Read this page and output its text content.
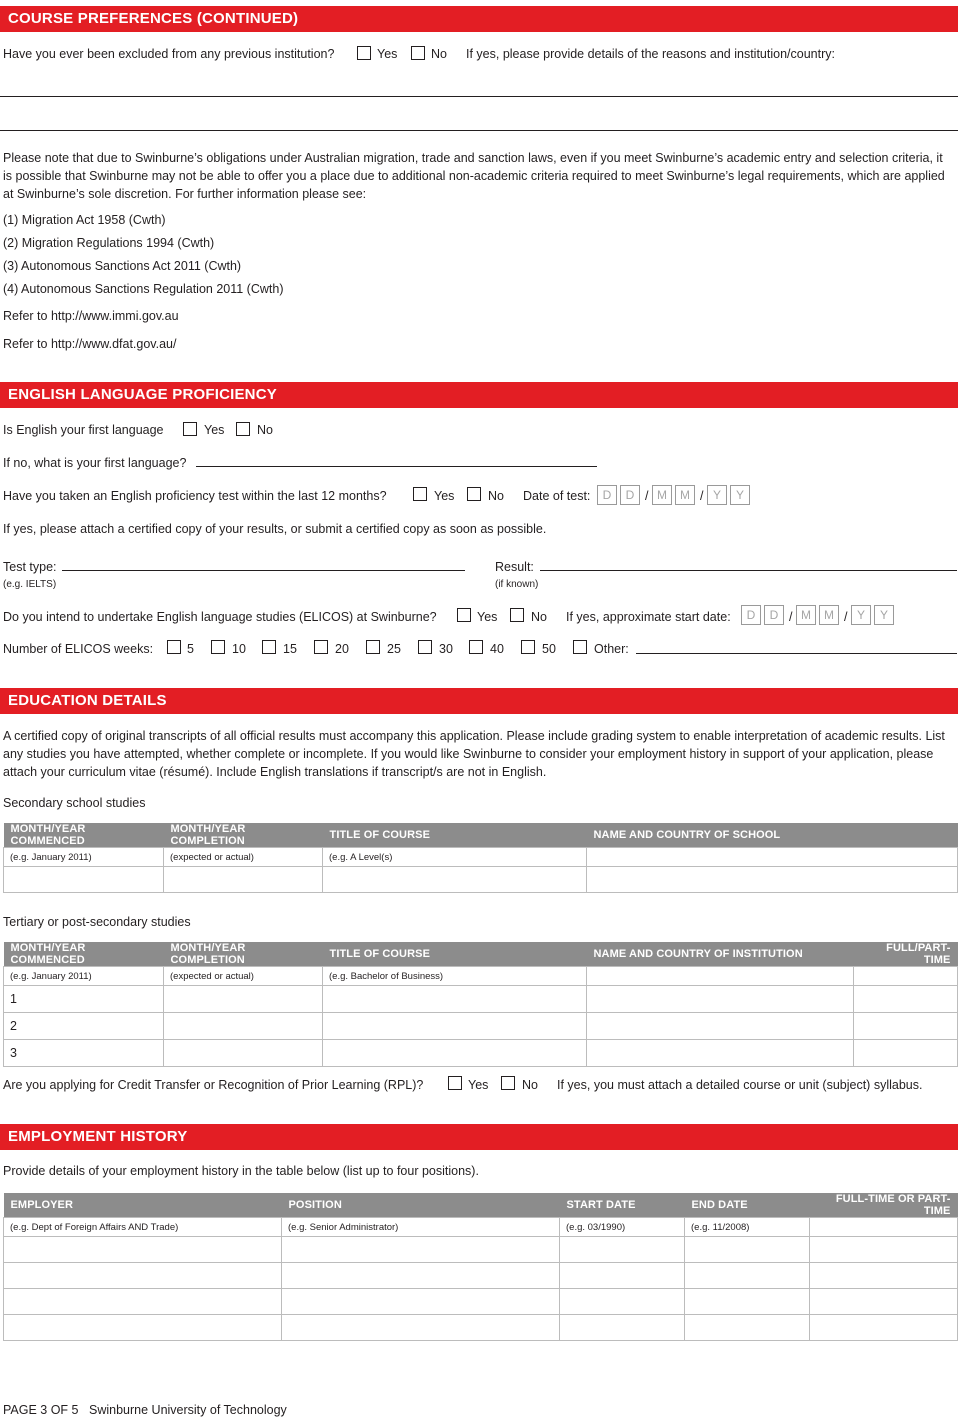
COURSE PREFERENCES (CONTINUED)
Have you ever been excluded from any previous institution?	Yes	No If yes, please provide details of the reasons and institution/country:
Please note that due to Swinburne’s obligations under Australian migration, trade and sanction laws, even if you meet Swinburne’s academic entry and selection criteria, it is possible that Swinburne may not be able to offer you a place due to additional non-academic criteria required to meet Swinburne’s legal requirements, which are applied at Swinburne’s sole discretion. For further information please see:
(1) Migration Act 1958 (Cwth)
(2) Migration Regulations 1994 (Cwth)
(3) Autonomous Sanctions Act 2011 (Cwth)
(4) Autonomous Sanctions Regulation 2011 (Cwth)
Refer to http://www.immi.gov.au
Refer to http://www.dfat.gov.au/
ENGLISH LANGUAGE PROFICIENCY
Is English your first language	Yes	No
If no, what is your first language?
Have you taken an English proficiency test within the last 12 months?	Yes	No Date of test:	D	D / M	M / Y	Y
If yes, please attach a certified copy of your results, or submit a certified copy as soon as possible.
Test type:
(e.g. IELTS)
Result:
(if known)
Do you intend to undertake English language studies (ELICOS) at Swinburne?	Yes	No If yes, approximate start date:	D	D / M	M / Y	Y
Number of ELICOS weeks:	5	10	15	20	25	30	40	50	Other:
EDUCATION DETAILS
A certified copy of original transcripts of all official results must accompany this application. Please include grading system to enable interpretation of academic results. List any studies you have attempted, whether complete or incomplete. If you would like Swinburne to consider your employment history in support of your application, please attach your curriculum vitae (résumé). Include English translations if transcript/s are not in English.
Secondary school studies
MONTH/YEAR COMMENCED	MONTH/YEAR COMPLETION	TITLE OF COURSE	NAME AND COUNTRY OF SCHOOL
(e.g. January 2011)	(expected or actual)	(e.g. A Level(s)	

Tertiary or post-secondary studies
MONTH/YEAR COMMENCED	MONTH/YEAR COMPLETION	TITLE OF COURSE	NAME AND COUNTRY OF INSTITUTION	FULL/PART-TIME
(e.g. January 2011)	(expected or actual)	(e.g. Bachelor of Business)		
1				
2				
3				
Are you applying for Credit Transfer or Recognition of Prior Learning (RPL)?	Yes	No If yes, you must attach a detailed course or unit (subject) syllabus.
EMPLOYMENT HISTORY
Provide details of your employment history in the table below (list up to four positions).
EMPLOYER	POSITION	START DATE	END DATE	FULL-TIME OR PART-TIME
(e.g. Dept of Foreign Affairs AND Trade)	(e.g. Senior Administrator)	(e.g. 03/1990)	(e.g. 11/2008)	

PAGE 3 OF 5 Swinburne University of Technology
